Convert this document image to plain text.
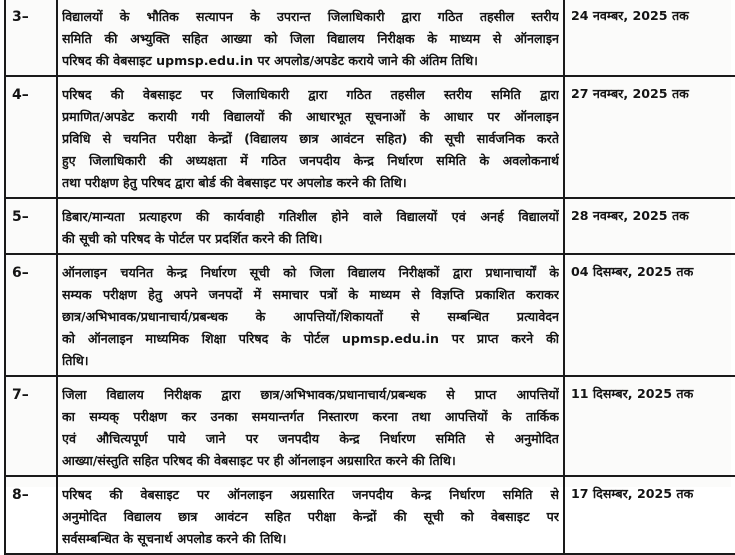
3–	विद्यालयों के भौतिक सत्यापन के उपरान्त जिलाधिकारी द्वारा गठित तहसील स्तरीय
समिति की अभ्युक्ति सहित आख्या को जिला विद्यालय निरीक्षक के माध्यम से ऑनलाइन
परिषद की वेबसाइट upmsp.edu.in पर अपलोड/अपडेट कराये जाने की अंतिम तिथि।	24 नवम्बर, 2025 तक

4–	परिषद की वेबसाइट पर जिलाधिकारी द्वारा गठित तहसील स्तरीय समिति द्वारा
प्रमाणित/अपडेट करायी गयी विद्यालयों की आधारभूत सूचनाओं के आधार पर ऑनलाइन
प्रविधि से चयनित परीक्षा केन्द्रों (विद्यालय छात्र आवंटन सहित) की सूची सार्वजनिक करते
हुए जिलाधिकारी की अध्यक्षता में गठित जनपदीय केन्द्र निर्धारण समिति के अवलोकनार्थ
तथा परीक्षण हेतु परिषद द्वारा बोर्ड की वेबसाइट पर अपलोड करने की तिथि।	27 नवम्बर, 2025 तक

5–	डिबार/मान्यता प्रत्याहरण की कार्यवाही गतिशील होने वाले विद्यालयों एवं अनर्ह विद्यालयों
की सूची को परिषद के पोर्टल पर प्रदर्शित करने की तिथि।	28 नवम्बर, 2025 तक

6–	ऑनलाइन चयनित केन्द्र निर्धारण सूची को जिला विद्यालय निरीक्षकों द्वारा प्रधानाचार्यों के
सम्यक परीक्षण हेतु अपने जनपदों में समाचार पत्रों के माध्यम से विज्ञप्ति प्रकाशित कराकर
छात्र/अभिभावक/प्रधानाचार्य/प्रबन्धक के आपत्तियों/शिकायतों से सम्बन्धित प्रत्यावेदन
को ऑनलाइन माध्यमिक शिक्षा परिषद के पोर्टल upmsp.edu.in पर प्राप्त करने की
तिथि।	04 दिसम्बर, 2025 तक

7–	जिला विद्यालय निरीक्षक द्वारा छात्र/अभिभावक/प्रधानाचार्य/प्रबन्धक से प्राप्त आपत्तियों
का सम्यक् परीक्षण कर उनका समयान्तर्गत निस्तारण करना तथा आपत्तियों के तार्किक
एवं औचित्यपूर्ण पाये जाने पर जनपदीय केन्द्र निर्धारण समिति से अनुमोदित
आख्या/संस्तुति सहित परिषद की वेबसाइट पर ही ऑनलाइन अग्रसारित करने की तिथि।	11 दिसम्बर, 2025 तक

8–	परिषद की वेबसाइट पर ऑनलाइन अग्रसारित जनपदीय केन्द्र निर्धारण समिति से
अनुमोदित विद्यालय छात्र आवंटन सहित परीक्षा केन्द्रों की सूची को वेबसाइट पर
सर्वसम्बन्धित के सूचनार्थ अपलोड करने की तिथि।	17 दिसम्बर, 2025 तक
